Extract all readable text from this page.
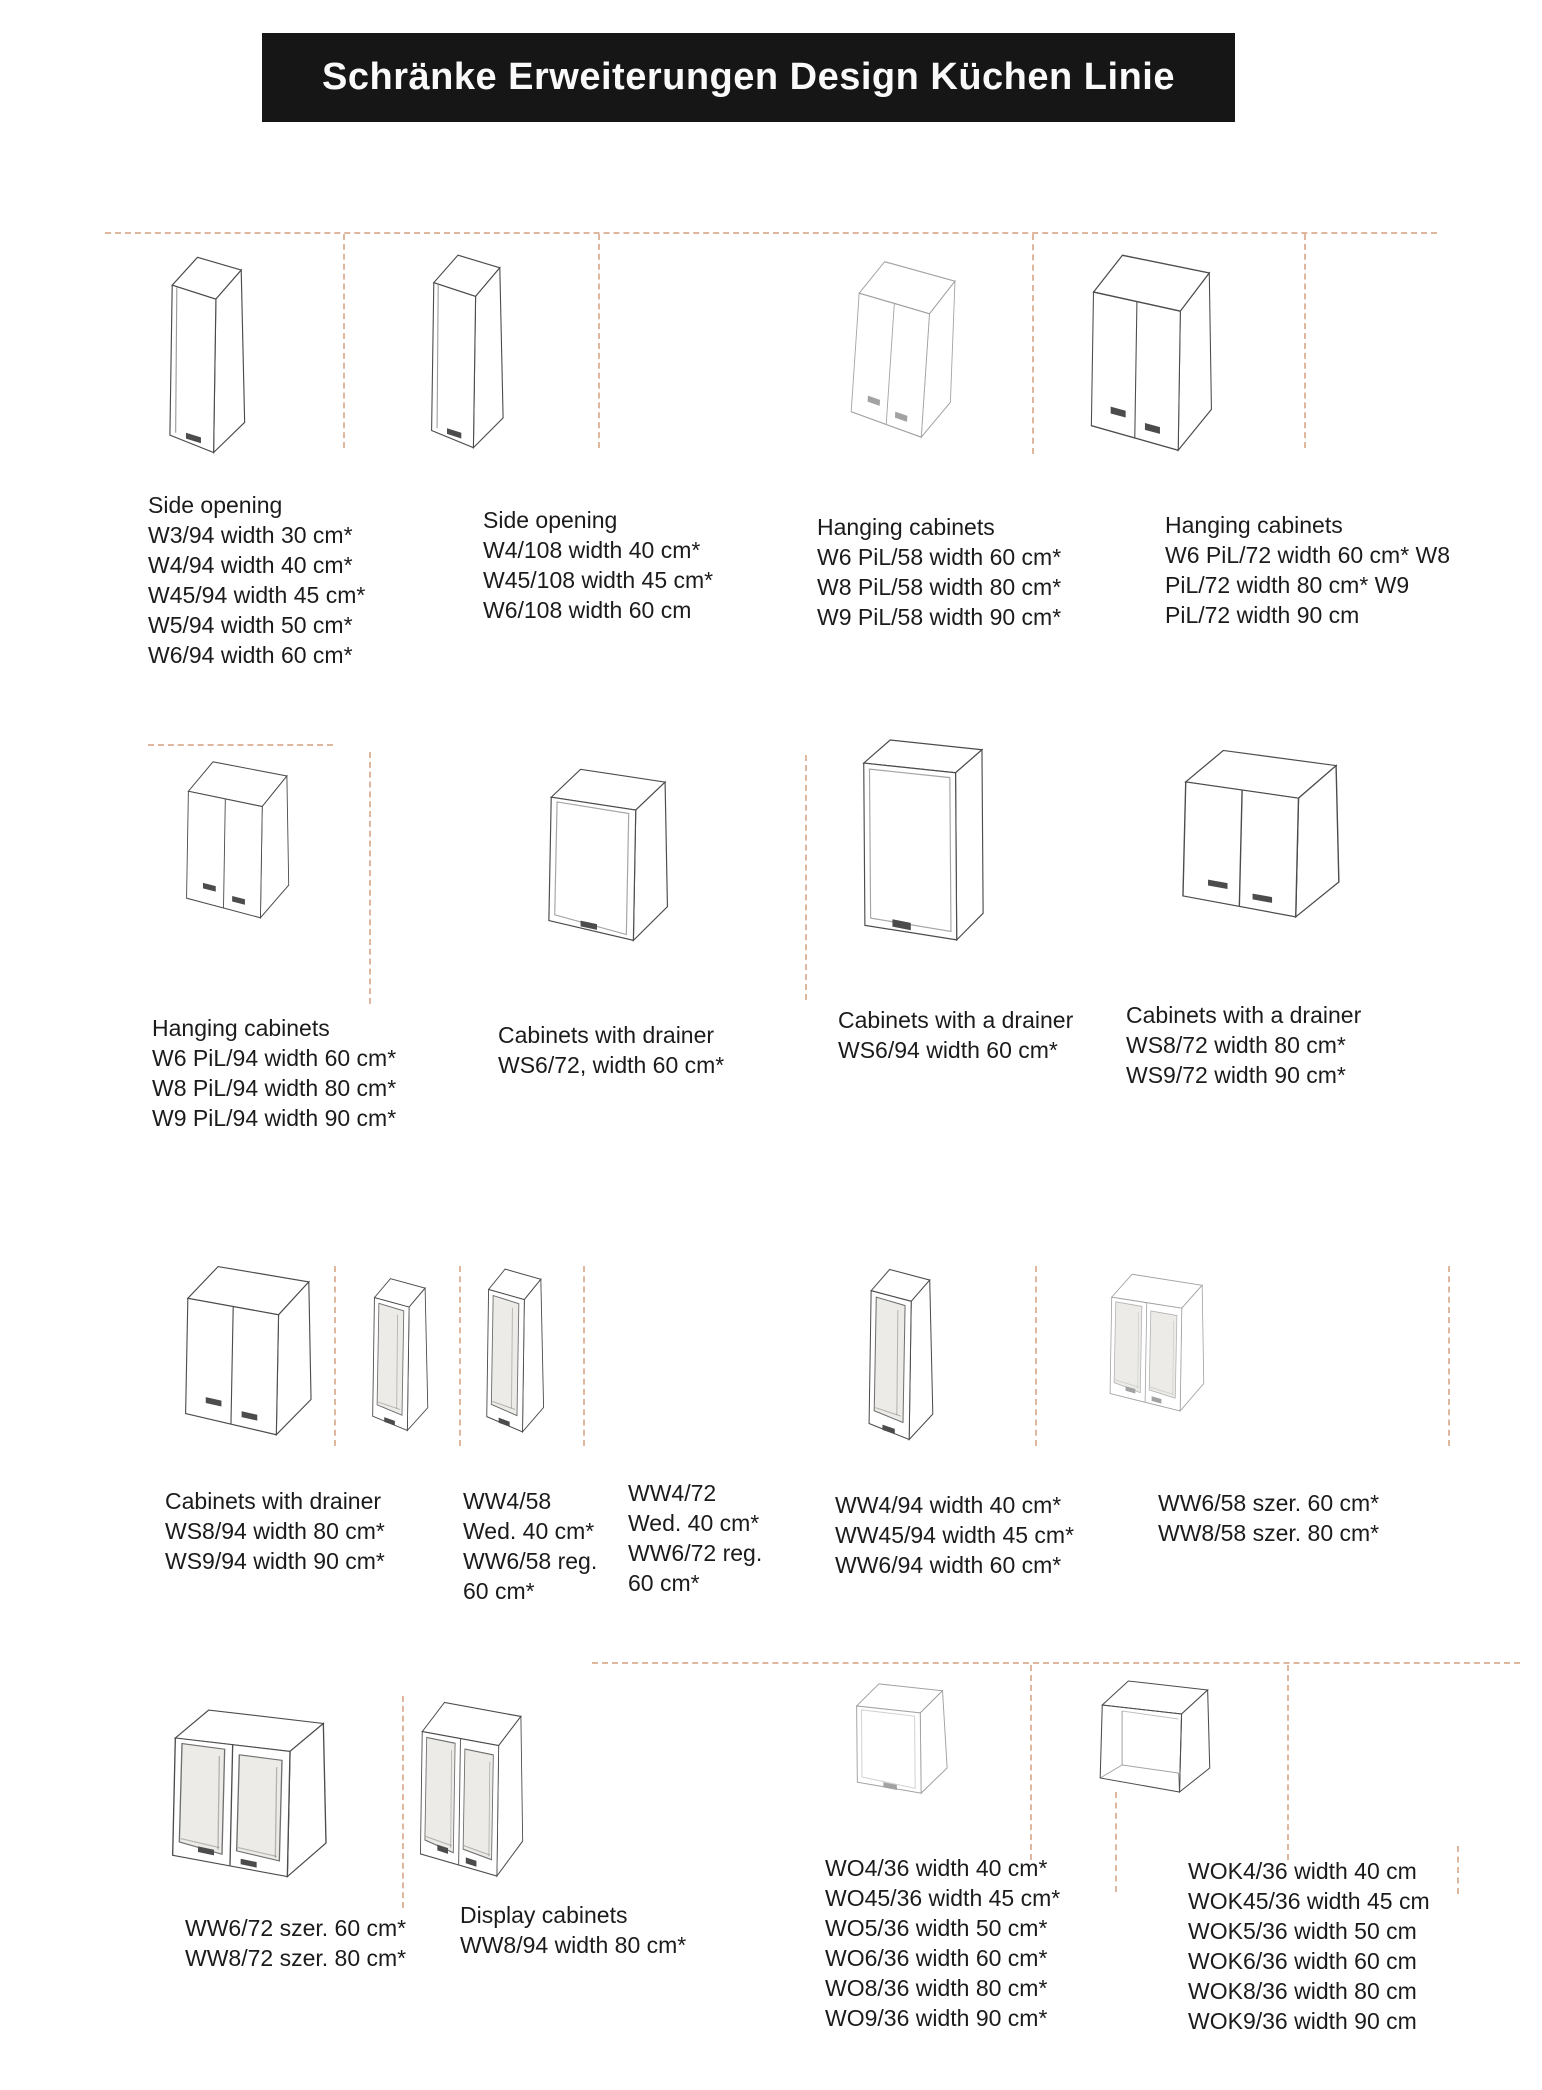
Schränke Erweiterungen Design Küchen Linie
Side opening
W3/94 width 30 cm*
W4/94 width 40 cm*
W45/94 width 45 cm*
W5/94 width 50 cm*
W6/94 width 60 cm*
Side opening
W4/108 width 40 cm*
W45/108 width 45 cm*
W6/108 width 60 cm
Hanging cabinets
W6 PiL/58 width 60 cm*
W8 PiL/58 width 80 cm*
W9 PiL/58 width 90 cm*
Hanging cabinets
W6 PiL/72 width 60 cm* W8
PiL/72 width 80 cm* W9
PiL/72 width 90 cm
Hanging cabinets
W6 PiL/94 width 60 cm*
W8 PiL/94 width 80 cm*
W9 PiL/94 width 90 cm*
Cabinets with drainer
WS6/72, width 60 cm*
Cabinets with a drainer
WS6/94 width 60 cm*
Cabinets with a drainer
WS8/72 width 80 cm*
WS9/72 width 90 cm*
Cabinets with drainer
WS8/94 width 80 cm*
WS9/94 width 90 cm*
WW4/58
Wed. 40 cm*
WW6/58 reg.
60 cm*
WW4/72
Wed. 40 cm*
WW6/72 reg.
60 cm*
WW4/94 width 40 cm*
WW45/94 width 45 cm*
WW6/94 width 60 cm*
WW6/58 szer. 60 cm*
WW8/58 szer. 80 cm*
WW6/72 szer. 60 cm*
WW8/72 szer. 80 cm*
Display cabinets
WW8/94 width 80 cm*
WO4/36 width 40 cm*
WO45/36 width 45 cm*
WO5/36 width 50 cm*
WO6/36 width 60 cm*
WO8/36 width 80 cm*
WO9/36 width 90 cm*
WOK4/36 width 40 cm
WOK45/36 width 45 cm
WOK5/36 width 50 cm
WOK6/36 width 60 cm
WOK8/36 width 80 cm
WOK9/36 width 90 cm
